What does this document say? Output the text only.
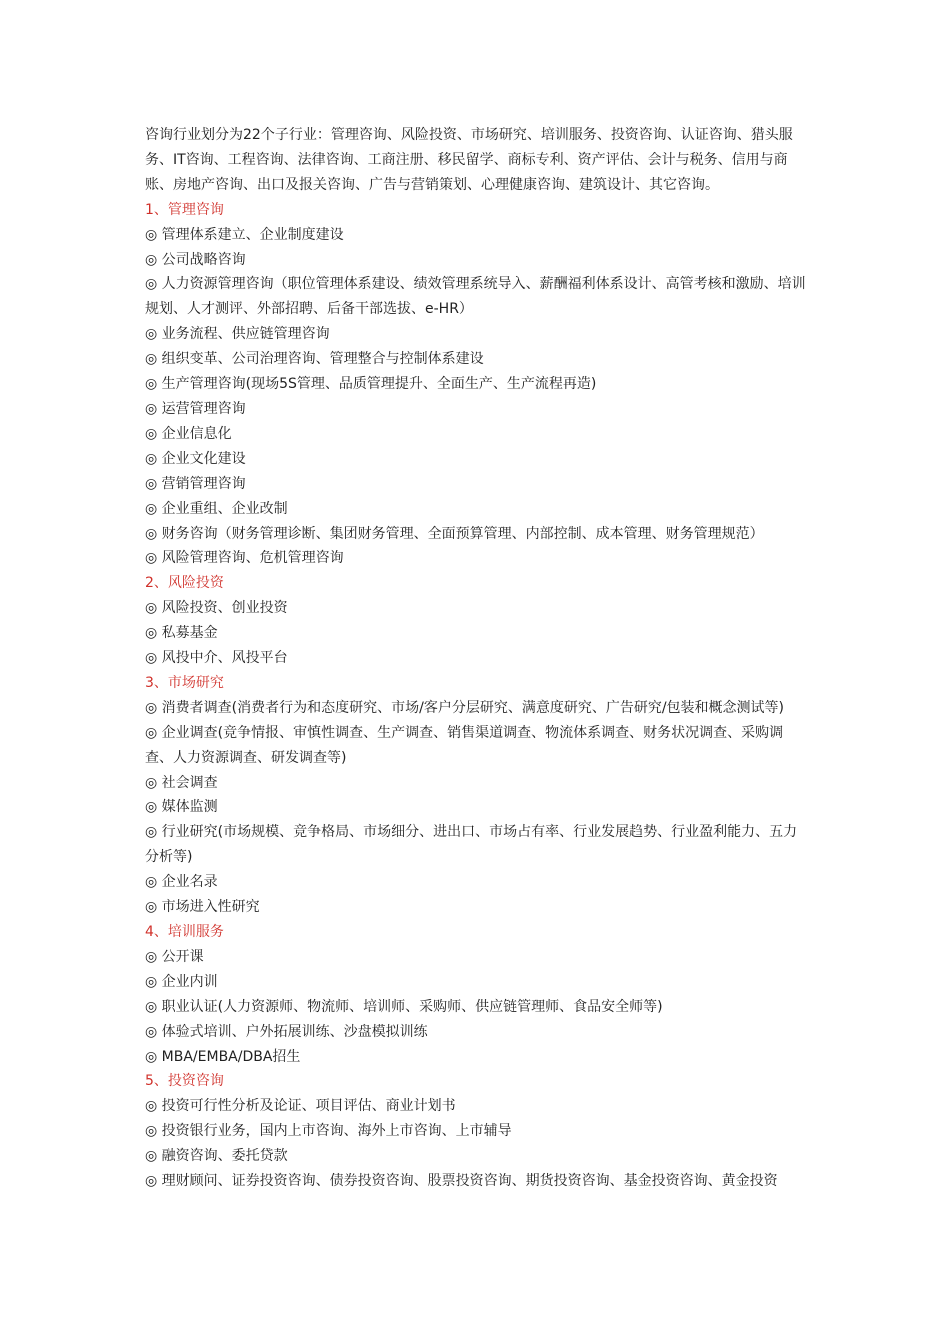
咨询行业划分为22个子行业：管理咨询、风险投资、市场研究、培训服务、投资咨询、认证咨询、猎头服务、IT咨询、工程咨询、法律咨询、工商注册、移民留学、商标专利、资产评估、会计与税务、信用与商账、房地产咨询、出口及报关咨询、广告与营销策划、心理健康咨询、建筑设计、其它咨询。

1、管理咨询

◎ 管理体系建立、企业制度建设

◎ 公司战略咨询

◎ 人力资源管理咨询（职位管理体系建设、绩效管理系统导入、薪酬福利体系设计、高管考核和激励、培训规划、人才测评、外部招聘、后备干部选拔、e-HR）

◎ 业务流程、供应链管理咨询

◎ 组织变革、公司治理咨询、管理整合与控制体系建设

◎ 生产管理咨询(现场5S管理、品质管理提升、全面生产、生产流程再造)

◎ 运营管理咨询

◎ 企业信息化

◎ 企业文化建设

◎ 营销管理咨询

◎ 企业重组、企业改制

◎ 财务咨询（财务管理诊断、集团财务管理、全面预算管理、内部控制、成本管理、财务管理规范）

◎ 风险管理咨询、危机管理咨询

2、风险投资

◎ 风险投资、创业投资

◎ 私募基金

◎ 风投中介、风投平台

3、市场研究

◎ 消费者调查(消费者行为和态度研究、市场/客户分层研究、满意度研究、广告研究/包装和概念测试等)

◎ 企业调查(竞争情报、审慎性调查、生产调查、销售渠道调查、物流体系调查、财务状况调查、采购调查、人力资源调查、研发调查等)

◎ 社会调查

◎ 媒体监测

◎ 行业研究(市场规模、竞争格局、市场细分、进出口、市场占有率、行业发展趋势、行业盈利能力、五力分析等)

◎ 企业名录

◎ 市场进入性研究

4、培训服务

◎ 公开课

◎ 企业内训

◎ 职业认证(人力资源师、物流师、培训师、采购师、供应链管理师、食品安全师等)

◎ 体验式培训、户外拓展训练、沙盘模拟训练

◎ MBA/EMBA/DBA招生

5、投资咨询

◎ 投资可行性分析及论证、项目评估、商业计划书

◎ 投资银行业务，国内上市咨询、海外上市咨询、上市辅导

◎ 融资咨询、委托贷款

◎ 理财顾问、证券投资咨询、债券投资咨询、股票投资咨询、期货投资咨询、基金投资咨询、黄金投资
